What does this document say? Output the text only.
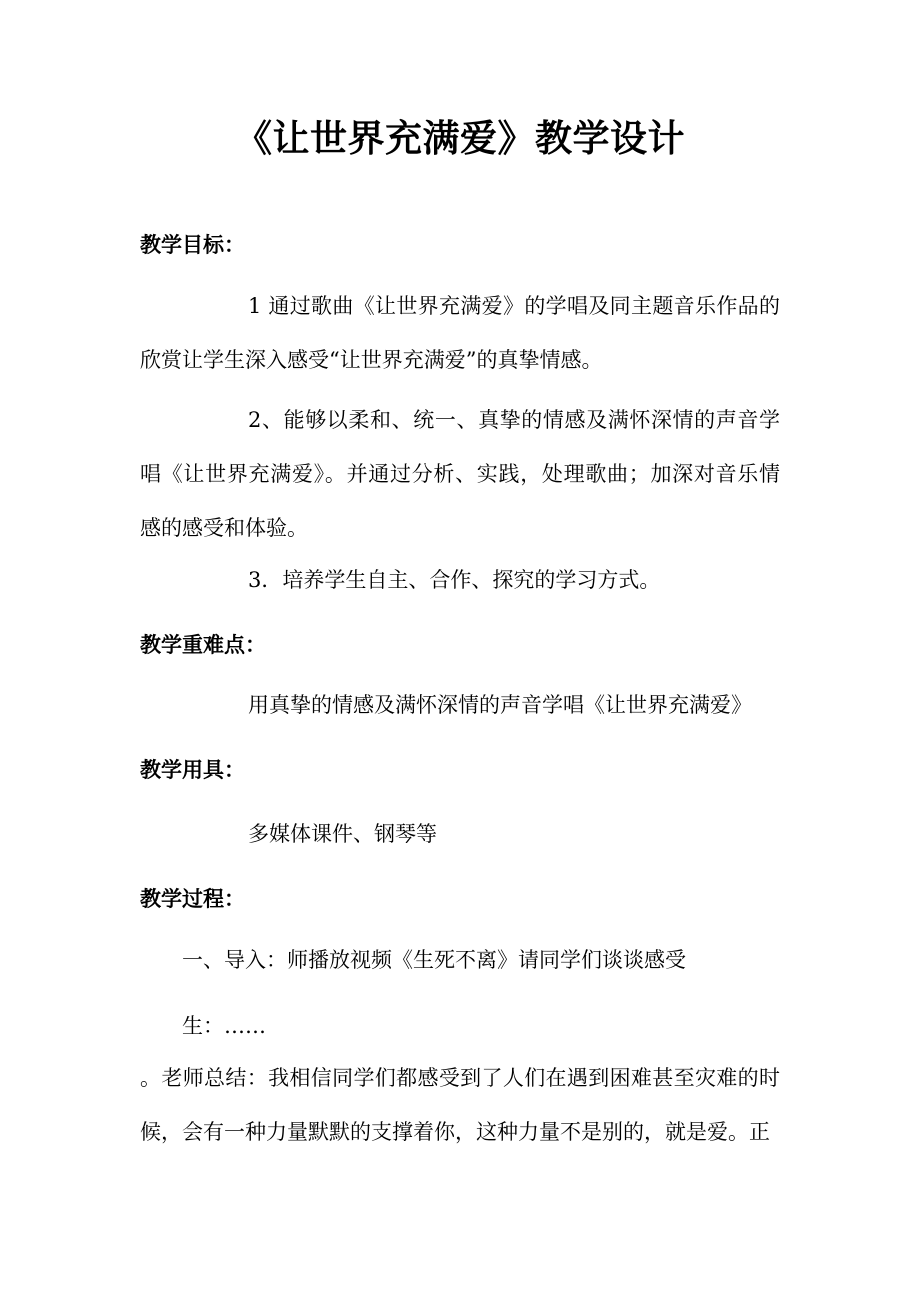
《让世界充满爱》教学设计
教学目标：
1 通过歌曲《让世界充满爱》的学唱及同主题音乐作品的欣赏让学生深入感受“让世界充满爱”的真挚情感。
2、能够以柔和、统一、真挚的情感及满怀深情的声音学唱《让世界充满爱》。并通过分析、实践，处理歌曲；加深对音乐情感的感受和体验。
3．培养学生自主、合作、探究的学习方式。
教学重难点：
用真挚的情感及满怀深情的声音学唱《让世界充满爱》
教学用具：
多媒体课件、钢琴等
教学过程：
一、导入：师播放视频《生死不离》请同学们谈谈感受
生：……
。老师总结：我相信同学们都感受到了人们在遇到困难甚至灾难的时候，会有一种力量默默的支撑着你，这种力量不是别的，就是爱。正
